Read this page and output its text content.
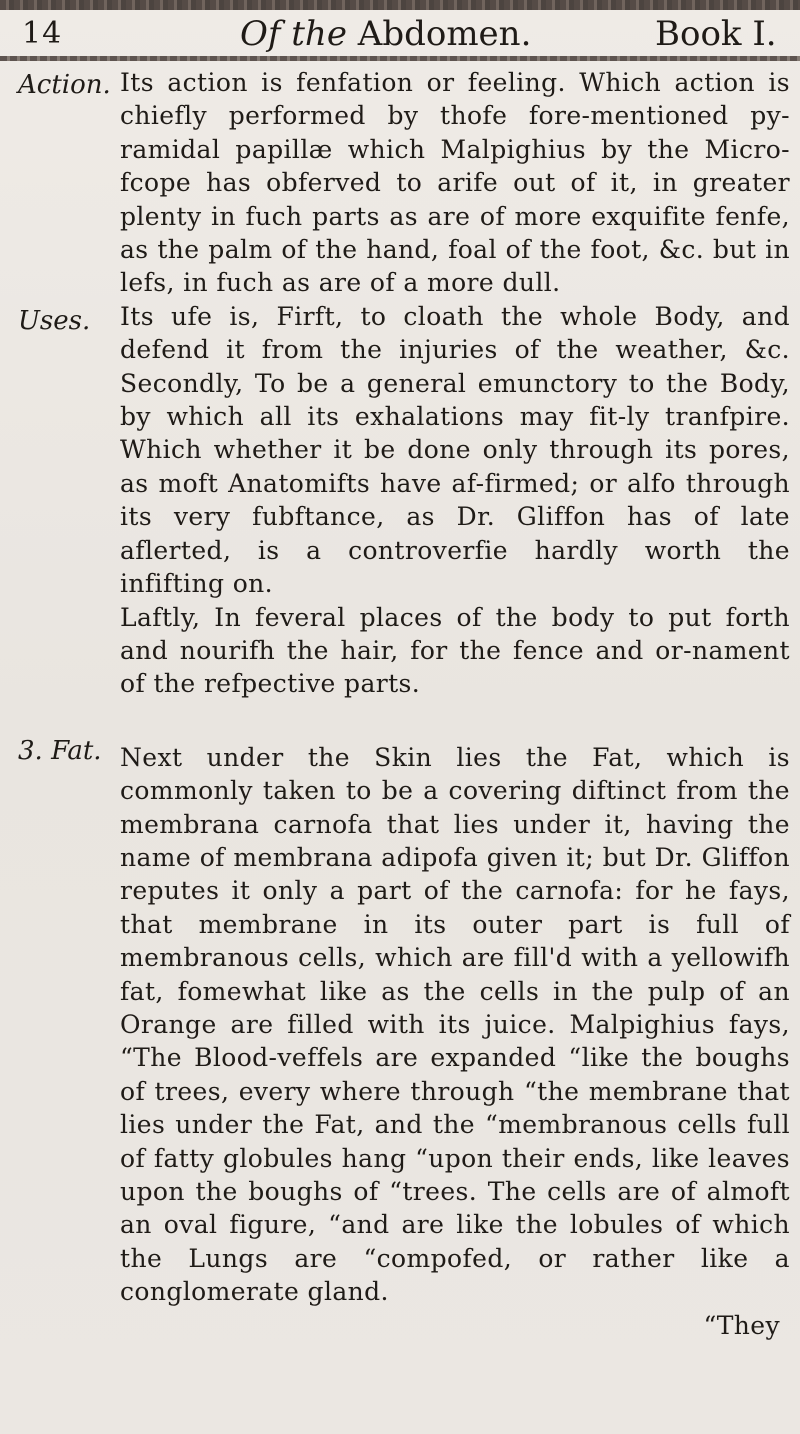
14	Of the Abdomen.	Book I.
Action.
Uses.
3. Fat.

Its action is fenfation or feeling. Which action is chiefly performed by thofe fore-mentioned py-ramidal papillæ which Malpighius by the Micro-fcope has obferved to arife out of it, in greater plenty in fuch parts as are of more exquifite fenfe, as the palm of the hand, foal of the foot, &c. but in lefs, in fuch as are of a more dull.

Its ufe is, Firft, to cloath the whole Body, and defend it from the injuries of the weather, &c. Secondly, To be a general emunctory to the Body, by which all its exhalations may fit-ly tranfpire. Which whether it be done only through its pores, as moft Anatomifts have af-firmed; or alfo through its very fubftance, as Dr. Gliffon has of late aflerted, is a controverfie hardly worth the infifting on.

Laftly, In feveral places of the body to put forth and nourifh the hair, for the fence and or-nament of the refpective parts.

Next under the Skin lies the Fat, which is commonly taken to be a covering diftinct from the membrana carnofa that lies under it, having the name of membrana adipofa given it; but Dr. Gliffon reputes it only a part of the carnofa: for he fays, that membrane in its outer part is full of membranous cells, which are fill'd with a yellowifh fat, fomewhat like as the cells in the pulp of an Orange are filled with its juice. Malpighius fays, “The Blood-veffels are expanded “like the boughs of trees, every where through “the membrane that lies under the Fat, and the “membranous cells full of fatty globules hang “upon their ends, like leaves upon the boughs of “trees. The cells are of almoft an oval figure, “and are like the lobules of which the Lungs are “compofed, or rather like a conglomerate gland.

“They
